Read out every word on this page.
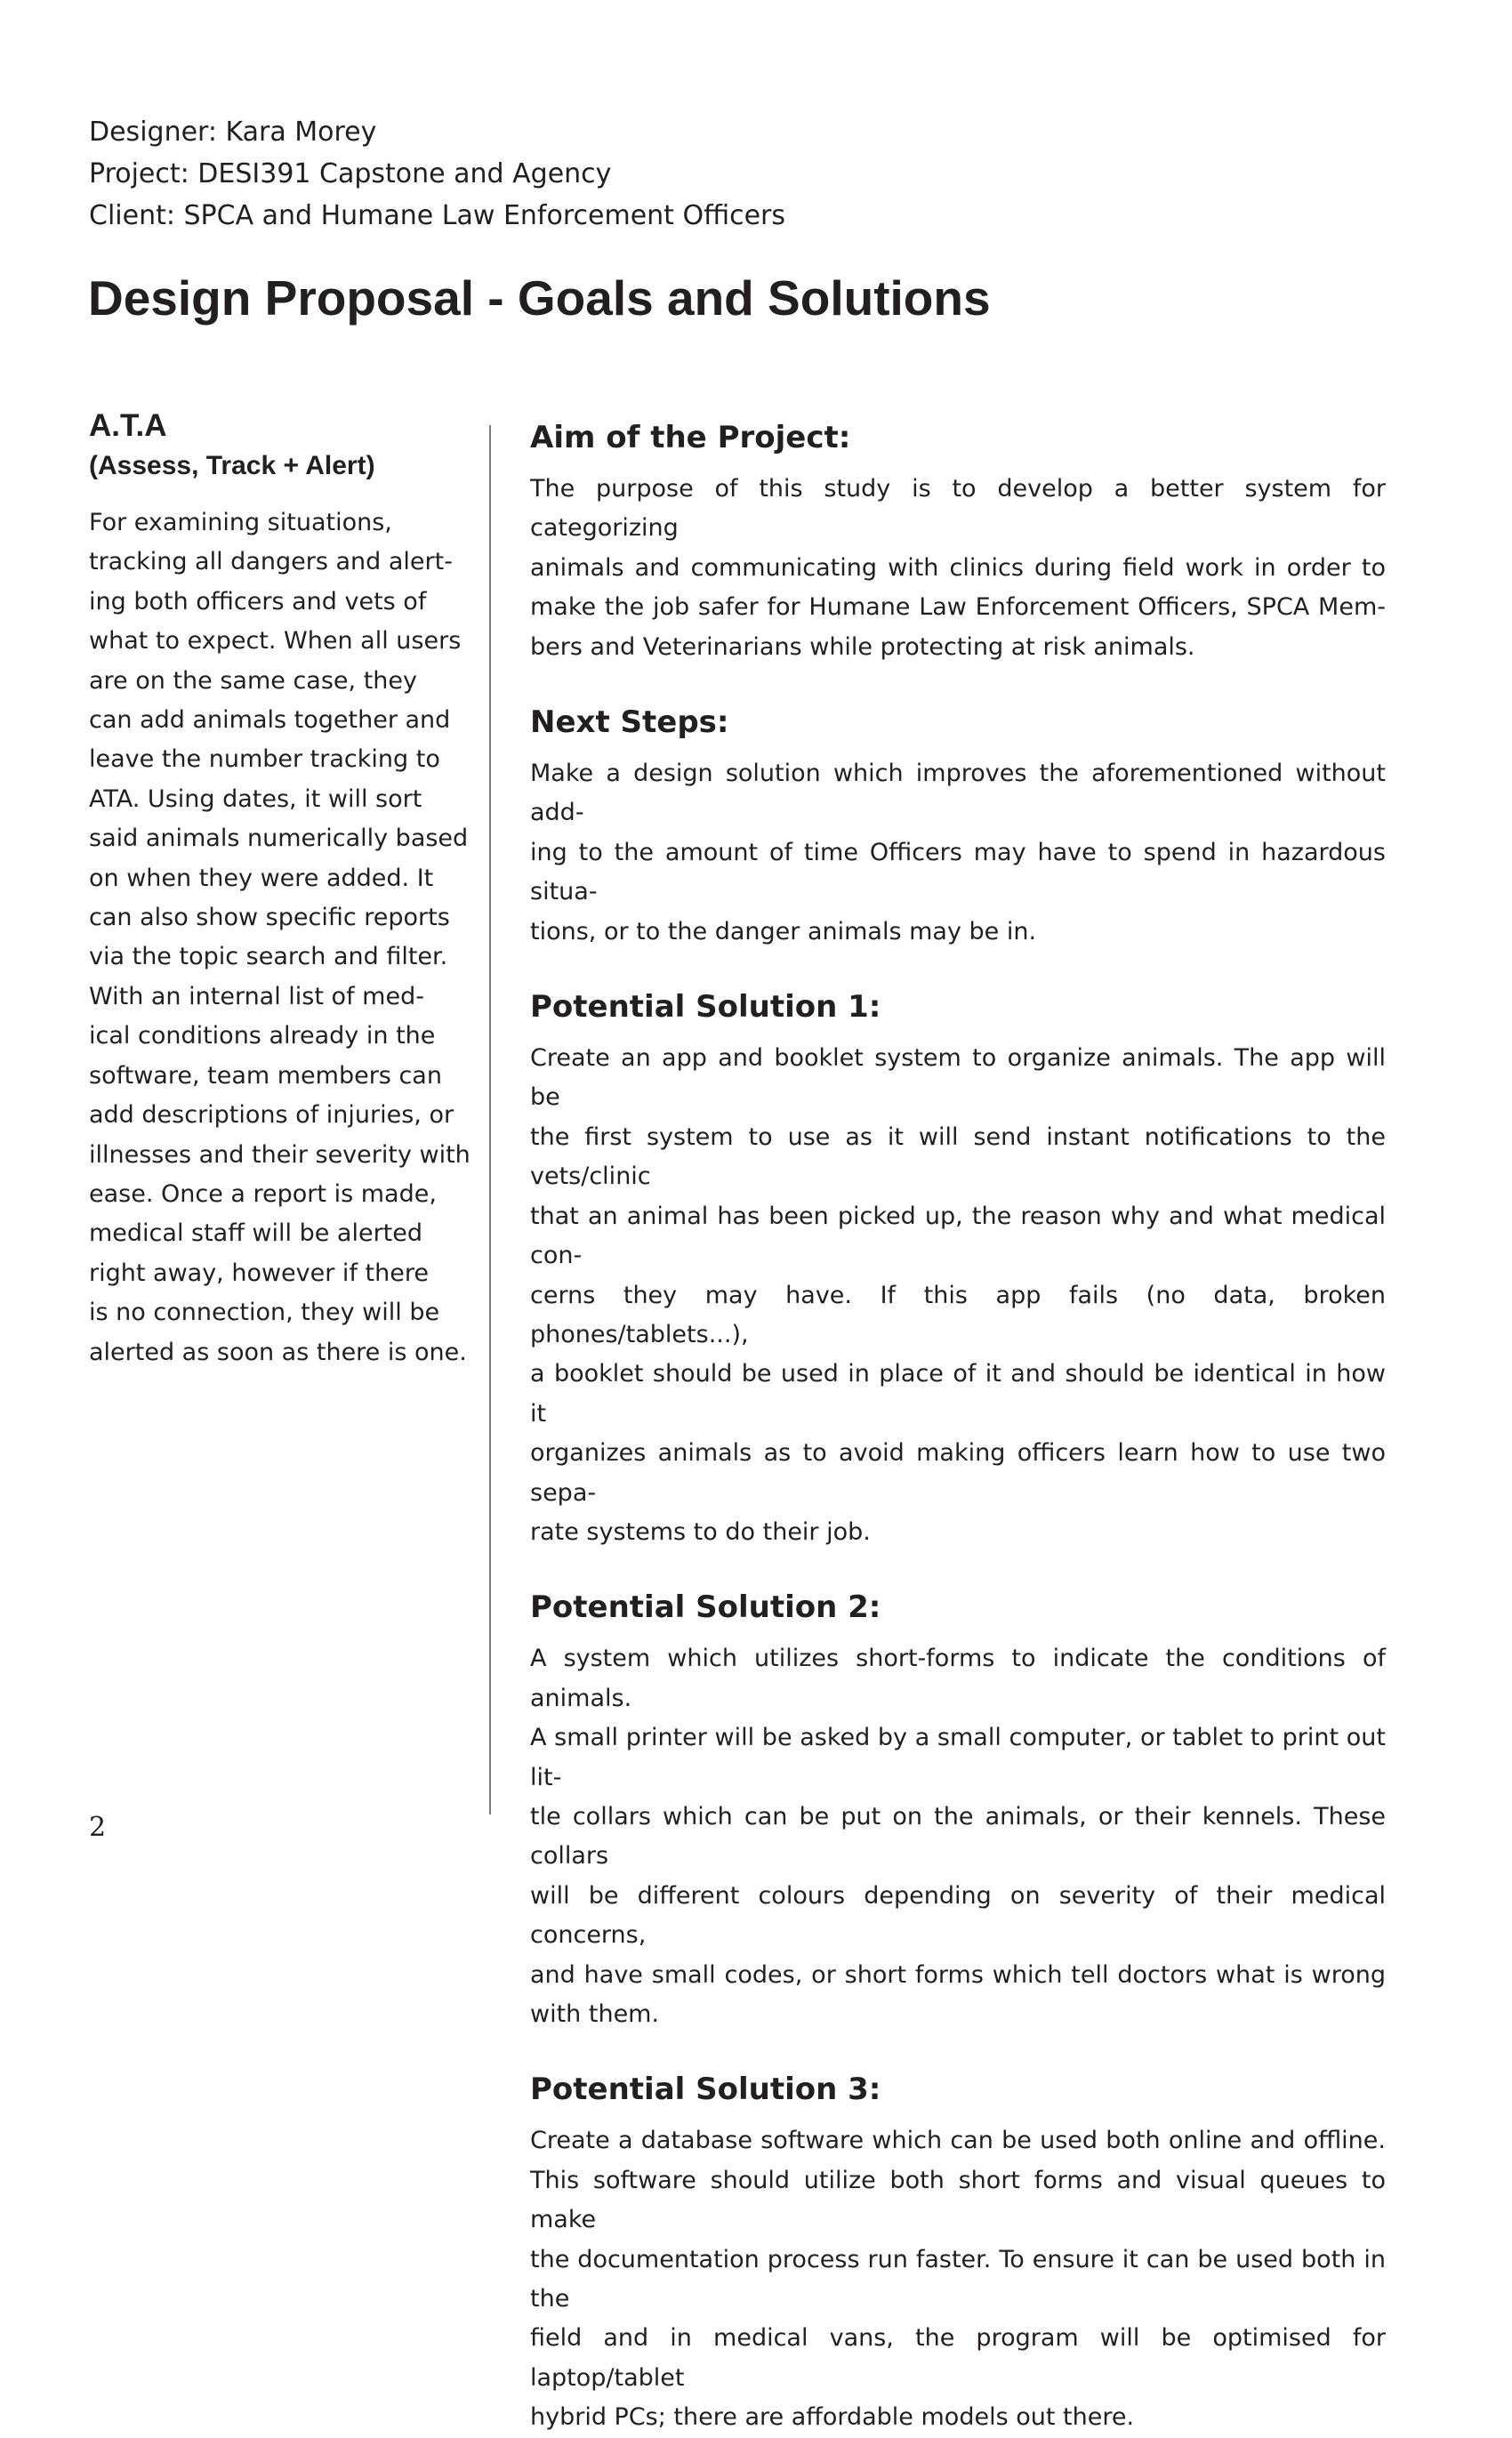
Designer: Kara Morey
Project: DESI391 Capstone and Agency
Client: SPCA and Humane Law Enforcement Officers
Design Proposal - Goals and Solutions
A.T.A
(Assess, Track + Alert)

For examining situations,

tracking all dangers and alert-

ing both officers and vets of

what to expect. When all users

are on the same case, they

can add animals together and

leave the number tracking to

ATA. Using dates, it will sort

said animals numerically based

on when they were added. It

can also show specific reports

via the topic search and filter.

With an internal list of med-

ical conditions already in the

software, team members can

add descriptions of injuries, or

illnesses and their severity with

ease. Once a report is made,

medical staff will be alerted

right away, however if there

is no connection, they will be

alerted as soon as there is one.

Aim of the Project:

The purpose of this study is to develop a better system for categorizing

animals and communicating with clinics during field work in order to

make the job safer for Humane Law Enforcement Officers, SPCA Mem-

bers and Veterinarians while protecting at risk animals.

Next Steps:

Make a design solution which improves the aforementioned without add-

ing to the amount of time Officers may have to spend in hazardous situa-

tions, or to the danger animals may be in.

Potential Solution 1:

Create an app and booklet system to organize animals. The app will be

the first system to use as it will send instant notifications to the vets/clinic

that an animal has been picked up, the reason why and what medical con-

cerns they may have. If this app fails (no data, broken phones/tablets...),

a booklet should be used in place of it and should be identical in how it

organizes animals as to avoid making officers learn how to use two sepa-

rate systems to do their job.

Potential Solution 2:

A system which utilizes short-forms to indicate the conditions of animals.

A small printer will be asked by a small computer, or tablet to print out lit-

tle collars which can be put on the animals, or their kennels. These collars

will be different colours depending on severity of their medical concerns,

and have small codes, or short forms which tell doctors what is wrong

with them.

Potential Solution 3:

Create a database software which can be used both online and offline.

This software should utilize both short forms and visual queues to make

the documentation process run faster. To ensure it can be used both in the

field and in medical vans, the program will be optimised for laptop/tablet

hybrid PCs; there are affordable models out there.

2
